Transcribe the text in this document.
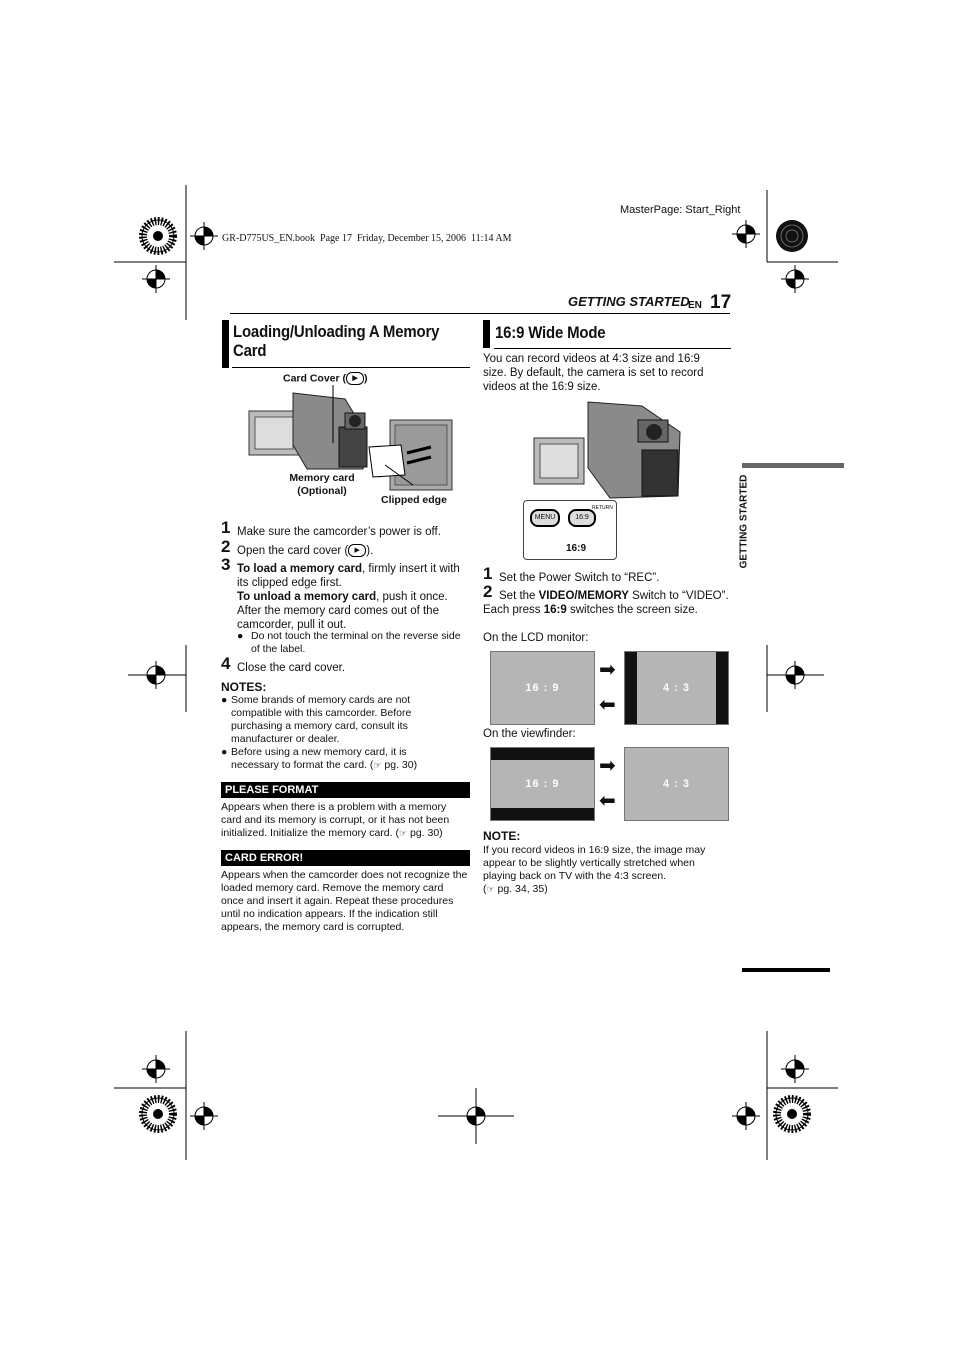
MasterPage: Start_Right
GR-D775US_EN.book  Page 17  Friday, December 15, 2006  11:14 AM
GETTING STARTED
EN 17
GETTING STARTED
Loading/Unloading A Memory
Card
Card Cover ( ▶ )
Memory card
(Optional)
Clipped edge
1 Make sure the camcorder’s power is off.
2 Open the card cover ( ▶ ).
3 To load a memory card, firmly insert it with its clipped edge first.
To unload a memory card, push it once. After the memory card comes out of the camcorder, pull it out.
● Do not touch the terminal on the reverse side of the label.
4 Close the card cover.
NOTES:
● Some brands of memory cards are not compatible with this camcorder. Before purchasing a memory card, consult its manufacturer or dealer.
● Before using a new memory card, it is necessary to format the card. (☞ pg. 30)
PLEASE FORMAT
Appears when there is a problem with a memory card and its memory is corrupt, or it has not been initialized. Initialize the memory card. (☞ pg. 30)
CARD ERROR!
Appears when the camcorder does not recognize the loaded memory card. Remove the memory card once and insert it again. Repeat these procedures until no indication appears. If the indication still appears, the memory card is corrupted.
16:9 Wide Mode
You can record videos at 4:3 size and 16:9 size. By default, the camera is set to record videos at the 16:9 size.
MENU	16:9
RETURN
16:9
1 Set the Power Switch to “REC”.
2 Set the VIDEO/MEMORY Switch to “VIDEO”. Each press 16:9 switches the screen size.
On the LCD monitor:
16 : 9
➡
➡
4 : 3
On the viewfinder:
16 : 9
➡
➡
4 : 3
NOTE:
If you record videos in 16:9 size, the image may appear to be slightly vertically stretched when playing back on TV with the 4:3 screen.
(☞ pg. 34, 35)
